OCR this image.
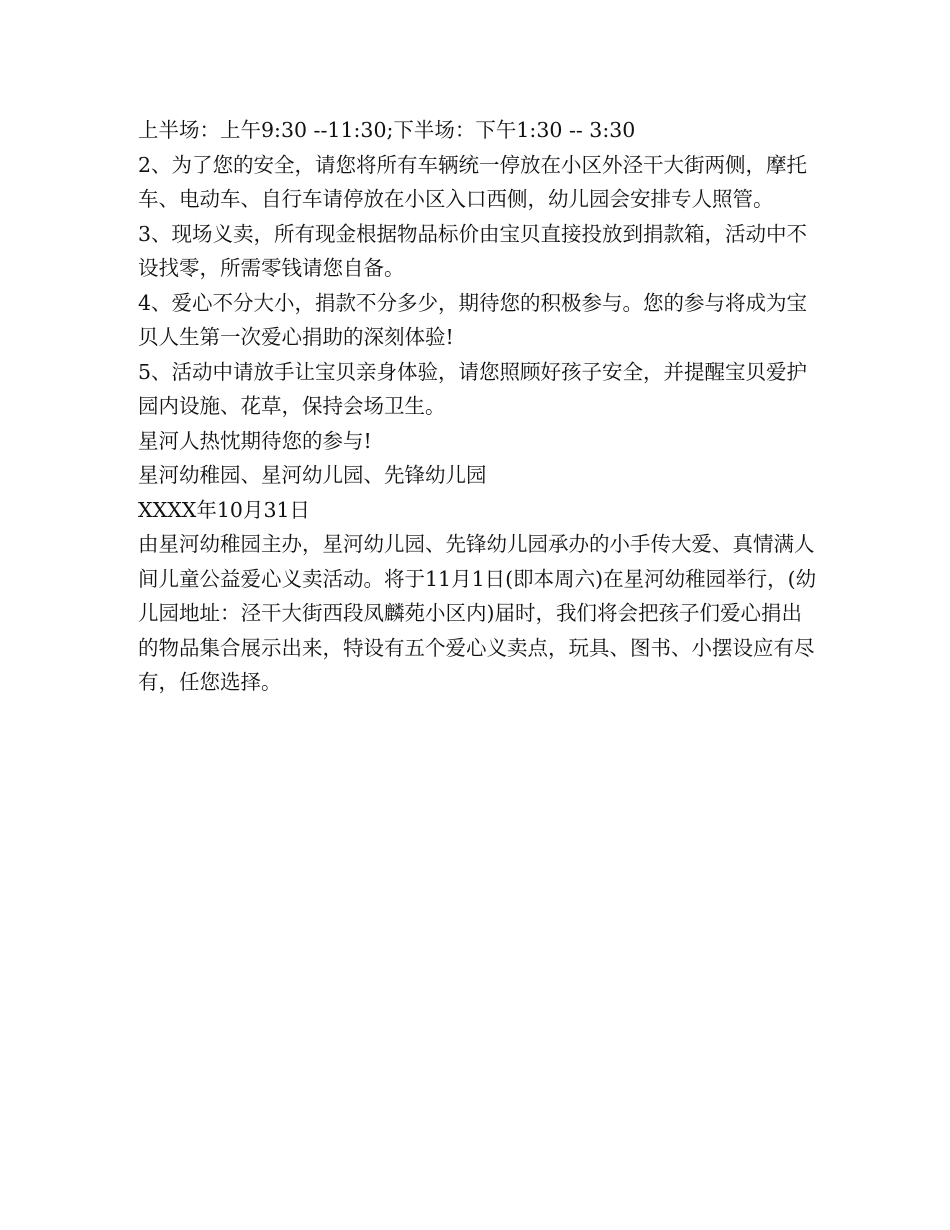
上半场：上午9:30 --11:30;下半场：下午1:30 -- 3:30

2、为了您的安全，请您将所有车辆统一停放在小区外泾干大街两侧，摩托车、电动车、自行车请停放在小区入口西侧，幼儿园会安排专人照管。

3、现场义卖，所有现金根据物品标价由宝贝直接投放到捐款箱，活动中不设找零，所需零钱请您自备。

4、爱心不分大小，捐款不分多少，期待您的积极参与。您的参与将成为宝贝人生第一次爱心捐助的深刻体验!

5、活动中请放手让宝贝亲身体验，请您照顾好孩子安全，并提醒宝贝爱护园内设施、花草，保持会场卫生。

星河人热忱期待您的参与!

星河幼稚园、星河幼儿园、先锋幼儿园

XXXX年10月31日

由星河幼稚园主办，星河幼儿园、先锋幼儿园承办的小手传大爱、真情满人间儿童公益爱心义卖活动。将于11月1日(即本周六)在星河幼稚园举行，(幼儿园地址：泾干大街西段凤麟苑小区内)届时，我们将会把孩子们爱心捐出的物品集合展示出来，特设有五个爱心义卖点，玩具、图书、小摆设应有尽有，任您选择。
